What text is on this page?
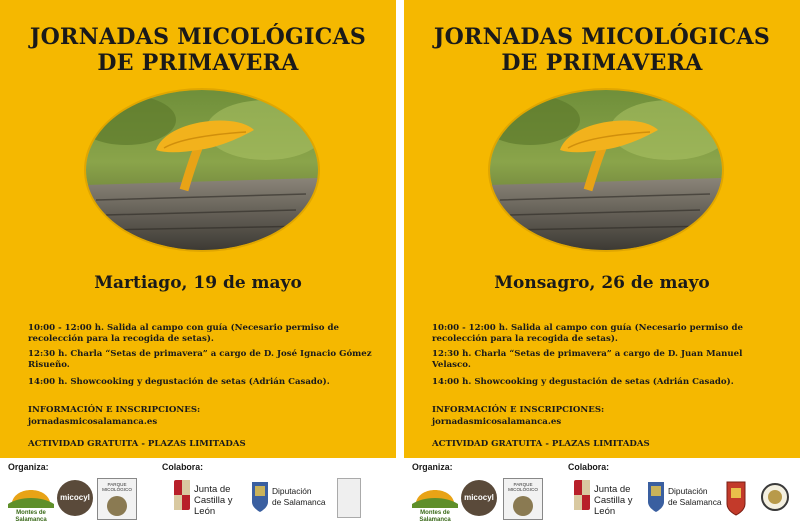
JORNADAS MICOLÓGICAS
DE PRIMAVERA
Martiago, 19 de mayo
10:00 - 12:00 h. Salida al campo con guía (Necesario permiso de recolección para la recogida de setas).
12:30 h. Charla “Setas de primavera” a cargo de D. José Ignacio Gómez Risueño.
14:00 h. Showcooking y degustación de setas (Adrián Casado).
INFORMACIÓN E INSCRIPCIONES:
jornadasmicosalamanca.es
ACTIVIDAD GRATUITA - PLAZAS LIMITADAS
Organiza:	Colabora:
Montes de
Salamanca
micocyl
PARQUE MICOLÓGICO	Junta de Castilla y León
Diputación
de Salamanca
JORNADAS MICOLÓGICAS
DE PRIMAVERA
Monsagro, 26 de mayo
10:00 - 12:00 h. Salida al campo con guía (Necesario permiso de recolección para la recogida de setas).
12:30 h. Charla “Setas de primavera” a cargo de D. Juan Manuel Velasco.
14:00 h. Showcooking y degustación de setas (Adrián Casado).
INFORMACIÓN E INSCRIPCIONES:
jornadasmicosalamanca.es
ACTIVIDAD GRATUITA - PLAZAS LIMITADAS
Organiza:	Colabora:
Montes de
Salamanca
micocyl
PARQUE MICOLÓGICO	Junta de Castilla y León
Diputación
de Salamanca
